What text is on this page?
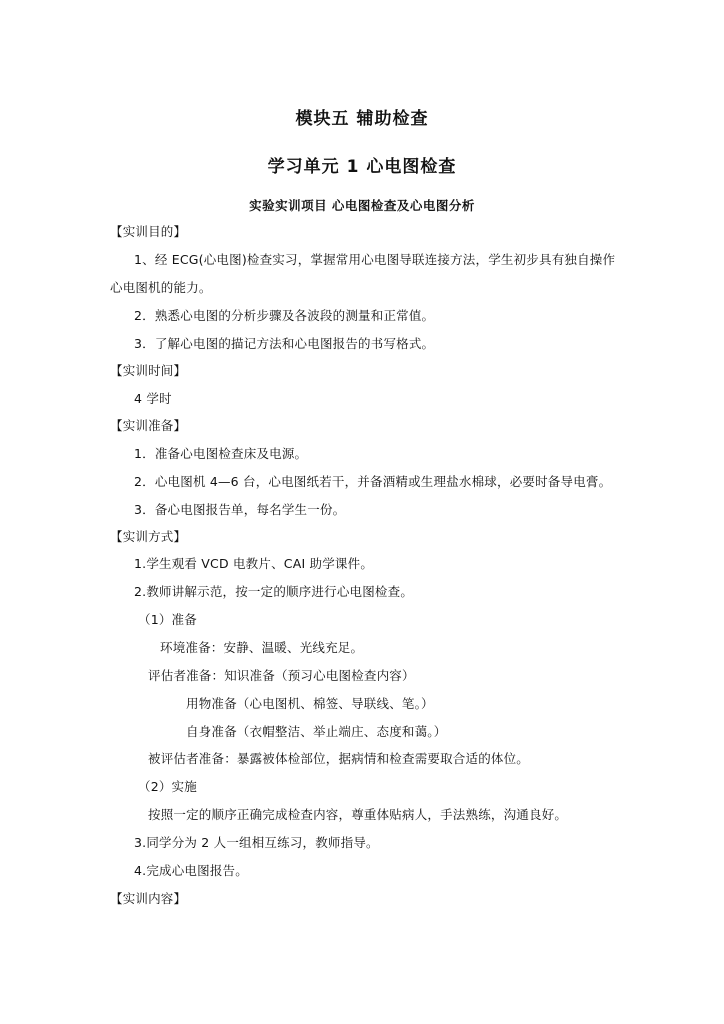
模块五 辅助检查
学习单元 1 心电图检查
实验实训项目 心电图检查及心电图分析
【实训目的】
1、经 ECG(心电图)检查实习，掌握常用心电图导联连接方法，学生初步具有独自操作
心电图机的能力。
2．熟悉心电图的分析步骤及各波段的测量和正常值。
3．了解心电图的描记方法和心电图报告的书写格式。
【实训时间】
4 学时
【实训准备】
1．准备心电图检查床及电源。
2．心电图机 4—6 台，心电图纸若干，并备酒精或生理盐水棉球，必要时备导电膏。
3．备心电图报告单，每名学生一份。
【实训方式】
1.学生观看 VCD 电教片、CAI 助学课件。
2.教师讲解示范，按一定的顺序进行心电图检查。
（1）准备
环境准备：安静、温暖、光线充足。
评估者准备：知识准备（预习心电图检查内容）
用物准备（心电图机、棉签、导联线、笔。）
自身准备（衣帽整洁、举止端庄、态度和蔼。）
被评估者准备：暴露被体检部位，据病情和检查需要取合适的体位。
（2）实施
按照一定的顺序正确完成检查内容，尊重体贴病人，手法熟练，沟通良好。
3.同学分为 2 人一组相互练习，教师指导。
4.完成心电图报告。
【实训内容】
